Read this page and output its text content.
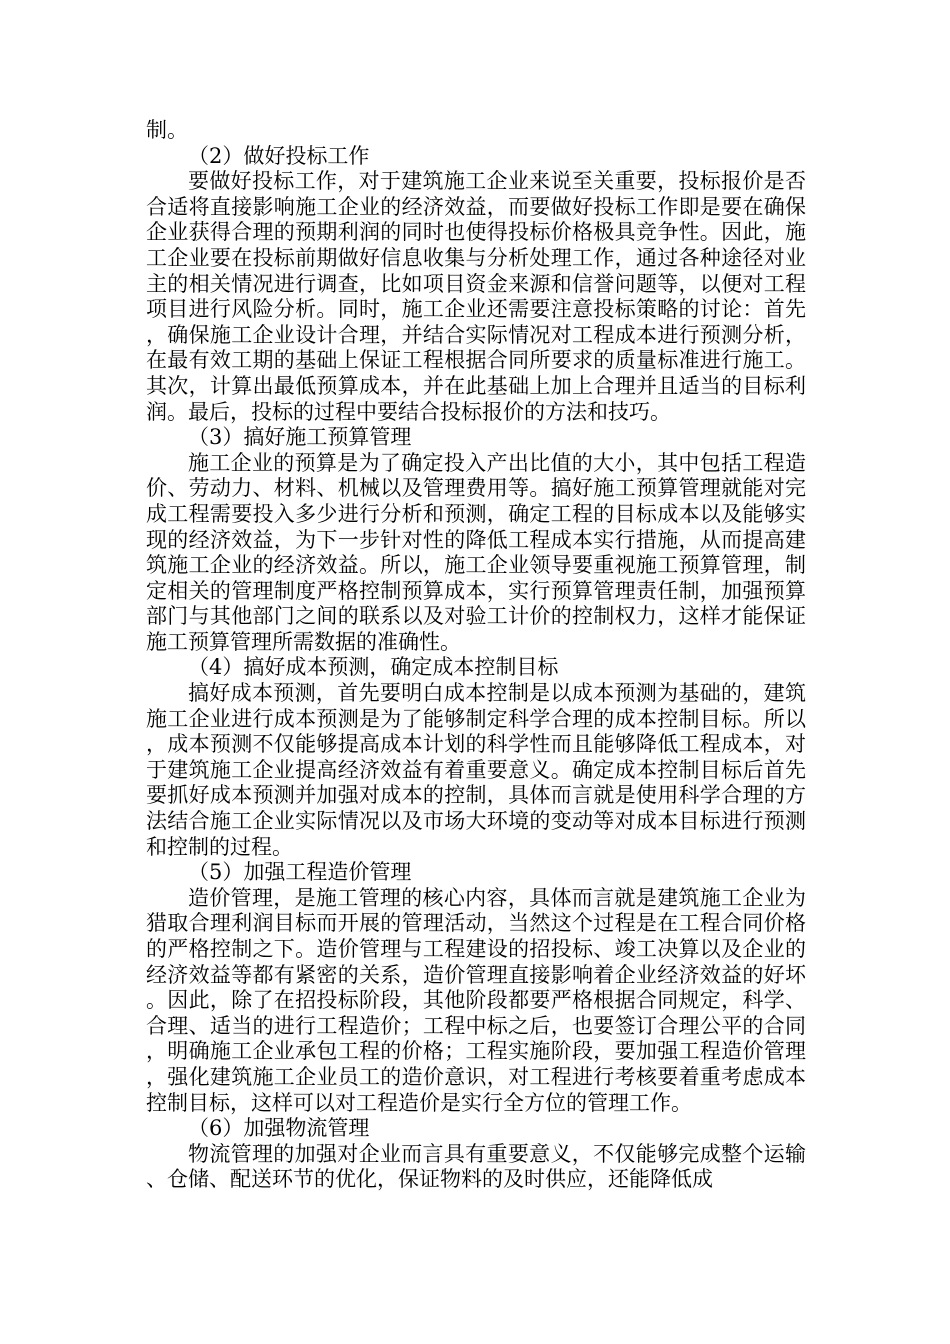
制。

（2）做好投标工作

要做好投标工作，对于建筑施工企业来说至关重要，投标报价是否合适将直接影响施工企业的经济效益，而要做好投标工作即是要在确保企业获得合理的预期利润的同时也使得投标价格极具竞争性。因此，施工企业要在投标前期做好信息收集与分析处理工作，通过各种途径对业主的相关情况进行调查，比如项目资金来源和信誉问题等，以便对工程项目进行风险分析。同时，施工企业还需要注意投标策略的讨论：首先，确保施工企业设计合理，并结合实际情况对工程成本进行预测分析，在最有效工期的基础上保证工程根据合同所要求的质量标准进行施工。其次，计算出最低预算成本，并在此基础上加上合理并且适当的目标利润。最后，投标的过程中要结合投标报价的方法和技巧。

（3）搞好施工预算管理

施工企业的预算是为了确定投入产出比值的大小，其中包括工程造价、劳动力、材料、机械以及管理费用等。搞好施工预算管理就能对完成工程需要投入多少进行分析和预测，确定工程的目标成本以及能够实现的经济效益，为下一步针对性的降低工程成本实行措施，从而提高建筑施工企业的经济效益。所以，施工企业领导要重视施工预算管理，制定相关的管理制度严格控制预算成本，实行预算管理责任制，加强预算部门与其他部门之间的联系以及对验工计价的控制权力，这样才能保证施工预算管理所需数据的准确性。

（4）搞好成本预测，确定成本控制目标

搞好成本预测，首先要明白成本控制是以成本预测为基础的，建筑施工企业进行成本预测是为了能够制定科学合理的成本控制目标。所以，成本预测不仅能够提高成本计划的科学性而且能够降低工程成本，对于建筑施工企业提高经济效益有着重要意义。确定成本控制目标后首先要抓好成本预测并加强对成本的控制，具体而言就是使用科学合理的方法结合施工企业实际情况以及市场大环境的变动等对成本目标进行预测和控制的过程。

（5）加强工程造价管理

造价管理，是施工管理的核心内容，具体而言就是建筑施工企业为猎取合理利润目标而开展的管理活动，当然这个过程是在工程合同价格的严格控制之下。造价管理与工程建设的招投标、竣工决算以及企业的经济效益等都有紧密的关系，造价管理直接影响着企业经济效益的好坏。因此，除了在招投标阶段，其他阶段都要严格根据合同规定，科学、合理、适当的进行工程造价；工程中标之后，也要签订合理公平的合同，明确施工企业承包工程的价格；工程实施阶段，要加强工程造价管理，强化建筑施工企业员工的造价意识，对工程进行考核要着重考虑成本控制目标，这样可以对工程造价是实行全方位的管理工作。

（6）加强物流管理

物流管理的加强对企业而言具有重要意义，不仅能够完成整个运输、仓储、配送环节的优化，保证物料的及时供应，还能降低成
